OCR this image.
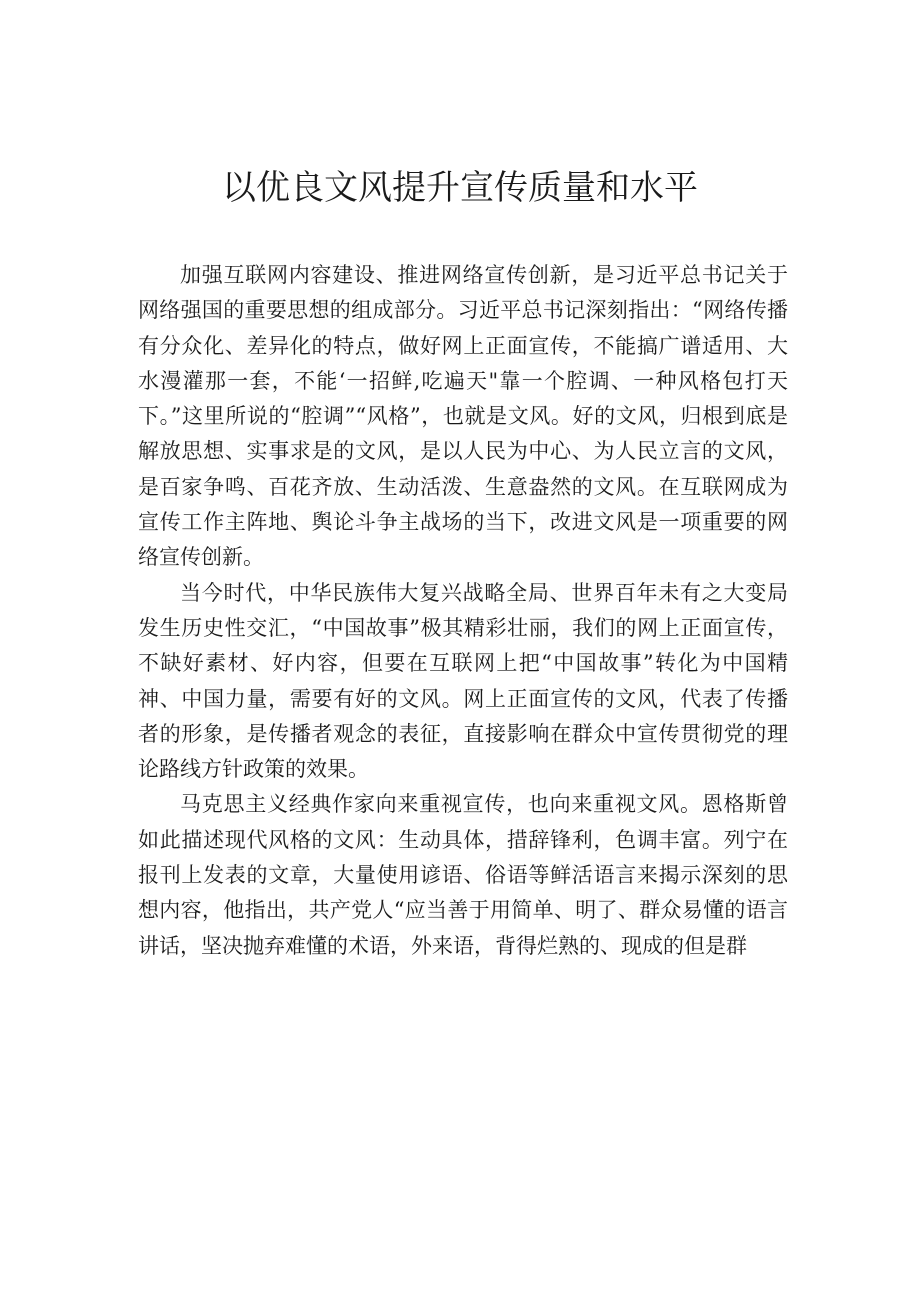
以优良文风提升宣传质量和水平

加强互联网内容建设、推进网络宣传创新，是习近平总书记关于网络强国的重要思想的组成部分。习近平总书记深刻指出：“网络传播有分众化、差异化的特点，做好网上正面宣传，不能搞广谱适用、大水漫灌那一套，不能‘一招鲜,吃遍天"靠一个腔调、一种风格包打天下。”这里所说的“腔调”“风格”，也就是文风。好的文风，归根到底是解放思想、实事求是的文风，是以人民为中心、为人民立言的文风，是百家争鸣、百花齐放、生动活泼、生意盎然的文风。在互联网成为宣传工作主阵地、舆论斗争主战场的当下，改进文风是一项重要的网络宣传创新。

当今时代，中华民族伟大复兴战略全局、世界百年未有之大变局发生历史性交汇，“中国故事”极其精彩壮丽，我们的网上正面宣传，不缺好素材、好内容，但要在互联网上把“中国故事”转化为中国精神、中国力量，需要有好的文风。网上正面宣传的文风，代表了传播者的形象，是传播者观念的表征，直接影响在群众中宣传贯彻党的理论路线方针政策的效果。

马克思主义经典作家向来重视宣传，也向来重视文风。恩格斯曾如此描述现代风格的文风：生动具体，措辞锋利，色调丰富。列宁在报刊上发表的文章，大量使用谚语、俗语等鲜活语言来揭示深刻的思想内容，他指出，共产党人“应当善于用简单、明了、群众易懂的语言讲话，坚决抛弃难懂的术语，外来语，背得烂熟的、现成的但是群
